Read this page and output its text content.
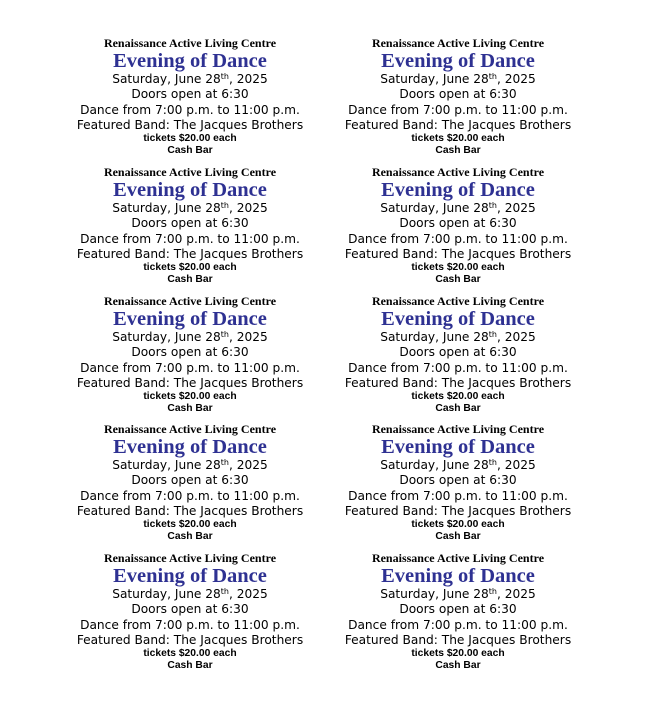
Renaissance Active Living Centre
Evening of Dance
Saturday, June 28th, 2025
Doors open at 6:30
Dance from 7:00 p.m. to 11:00 p.m.
Featured Band: The Jacques Brothers
tickets $20.00 each
Cash Bar
Renaissance Active Living Centre
Evening of Dance
Saturday, June 28th, 2025
Doors open at 6:30
Dance from 7:00 p.m. to 11:00 p.m.
Featured Band: The Jacques Brothers
tickets $20.00 each
Cash Bar
Renaissance Active Living Centre
Evening of Dance
Saturday, June 28th, 2025
Doors open at 6:30
Dance from 7:00 p.m. to 11:00 p.m.
Featured Band: The Jacques Brothers
tickets $20.00 each
Cash Bar
Renaissance Active Living Centre
Evening of Dance
Saturday, June 28th, 2025
Doors open at 6:30
Dance from 7:00 p.m. to 11:00 p.m.
Featured Band: The Jacques Brothers
tickets $20.00 each
Cash Bar
Renaissance Active Living Centre
Evening of Dance
Saturday, June 28th, 2025
Doors open at 6:30
Dance from 7:00 p.m. to 11:00 p.m.
Featured Band: The Jacques Brothers
tickets $20.00 each
Cash Bar
Renaissance Active Living Centre
Evening of Dance
Saturday, June 28th, 2025
Doors open at 6:30
Dance from 7:00 p.m. to 11:00 p.m.
Featured Band: The Jacques Brothers
tickets $20.00 each
Cash Bar
Renaissance Active Living Centre
Evening of Dance
Saturday, June 28th, 2025
Doors open at 6:30
Dance from 7:00 p.m. to 11:00 p.m.
Featured Band: The Jacques Brothers
tickets $20.00 each
Cash Bar
Renaissance Active Living Centre
Evening of Dance
Saturday, June 28th, 2025
Doors open at 6:30
Dance from 7:00 p.m. to 11:00 p.m.
Featured Band: The Jacques Brothers
tickets $20.00 each
Cash Bar
Renaissance Active Living Centre
Evening of Dance
Saturday, June 28th, 2025
Doors open at 6:30
Dance from 7:00 p.m. to 11:00 p.m.
Featured Band: The Jacques Brothers
tickets $20.00 each
Cash Bar
Renaissance Active Living Centre
Evening of Dance
Saturday, June 28th, 2025
Doors open at 6:30
Dance from 7:00 p.m. to 11:00 p.m.
Featured Band: The Jacques Brothers
tickets $20.00 each
Cash Bar
